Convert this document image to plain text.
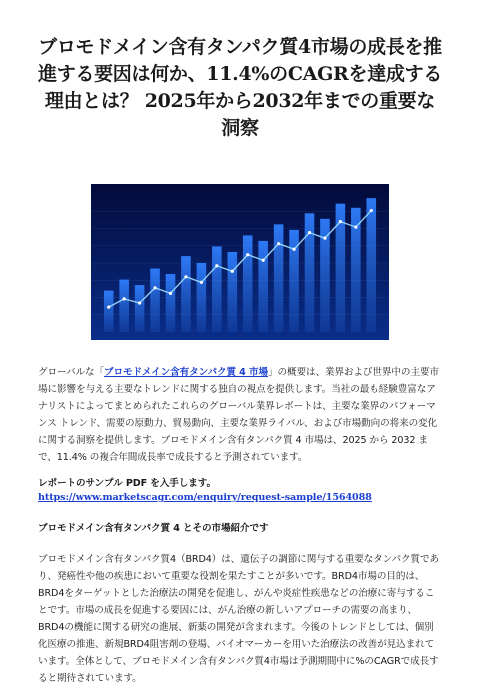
ブロモドメイン含有タンパク質4市場の成長を推進する要因は何か、11.4%のCAGRを達成する理由とは？ 2025年から2032年までの重要な洞察

グローバルな「ブロモドメイン含有タンパク質 4 市場」の概要は、業界および世界中の主要市場に影響を与える主要なトレンドに関する独自の視点を提供します。当社の最も経験豊富なアナリストによってまとめられたこれらのグローバル業界レポートは、主要な業界のパフォーマンス トレンド、需要の原動力、貿易動向、主要な業界ライバル、および市場動向の将来の変化に関する洞察を提供します。ブロモドメイン含有タンパク質 4 市場は、2025 から 2032 まで、11.4% の複合年間成長率で成長すると予測されています。

レポートのサンプル PDF を入手します。 https://www.marketscagr.com/enquiry/request-sample/1564088

ブロモドメイン含有タンパク質 4 とその市場紹介です

ブロモドメイン含有タンパク質4（BRD4）は、遺伝子の調節に関与する重要なタンパク質であり、発癌性や他の疾患において重要な役割を果たすことが多いです。BRD4市場の目的は、BRD4をターゲットとした治療法の開発を促進し、がんや炎症性疾患などの治療に寄与することです。市場の成長を促進する要因には、がん治療の新しいアプローチの需要の高まり、BRD4の機能に関する研究の進展、新薬の開発が含まれます。今後のトレンドとしては、個別化医療の推進、新規BRD4阻害剤の登場、バイオマーカーを用いた治療法の改善が見込まれています。全体として、ブロモドメイン含有タンパク質4市場は予測期間中に%のCAGRで成長すると期待されています。
